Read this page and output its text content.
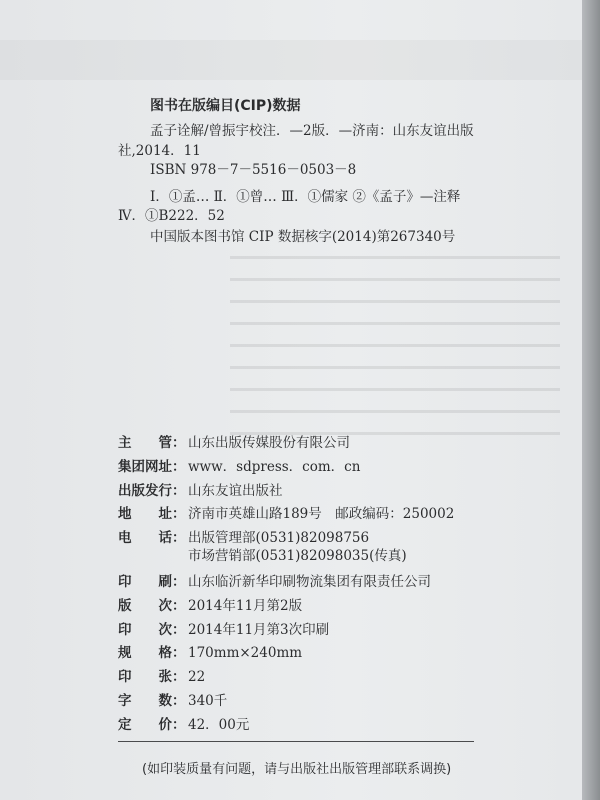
图书在版编目(CIP)数据
孟子诠解/曾振宇校注．—2版．—济南：山东友谊出版
社,2014．11
ISBN 978－7－5516－0503－8
Ⅰ．①孟… Ⅱ．①曾… Ⅲ．①儒家 ②《孟子》—注释
Ⅳ．①B222．52
中国版本图书馆 CIP 数据核字(2014)第267340号
主　　管： 山东出版传媒股份有限公司
集团网址： www．sdpress．com．cn
出版发行： 山东友谊出版社
地　　址： 济南市英雄山路189号　邮政编码：250002
电　　话： 出版管理部(0531)82098756
市场营销部(0531)82098035(传真)
印　　刷： 山东临沂新华印刷物流集团有限责任公司
版　　次： 2014年11月第2版
印　　次： 2014年11月第3次印刷
规　　格： 170mm×240mm
印　　张： 22
字　　数： 340千
定　　价： 42．00元
(如印装质量有问题，请与出版社出版管理部联系调换)
